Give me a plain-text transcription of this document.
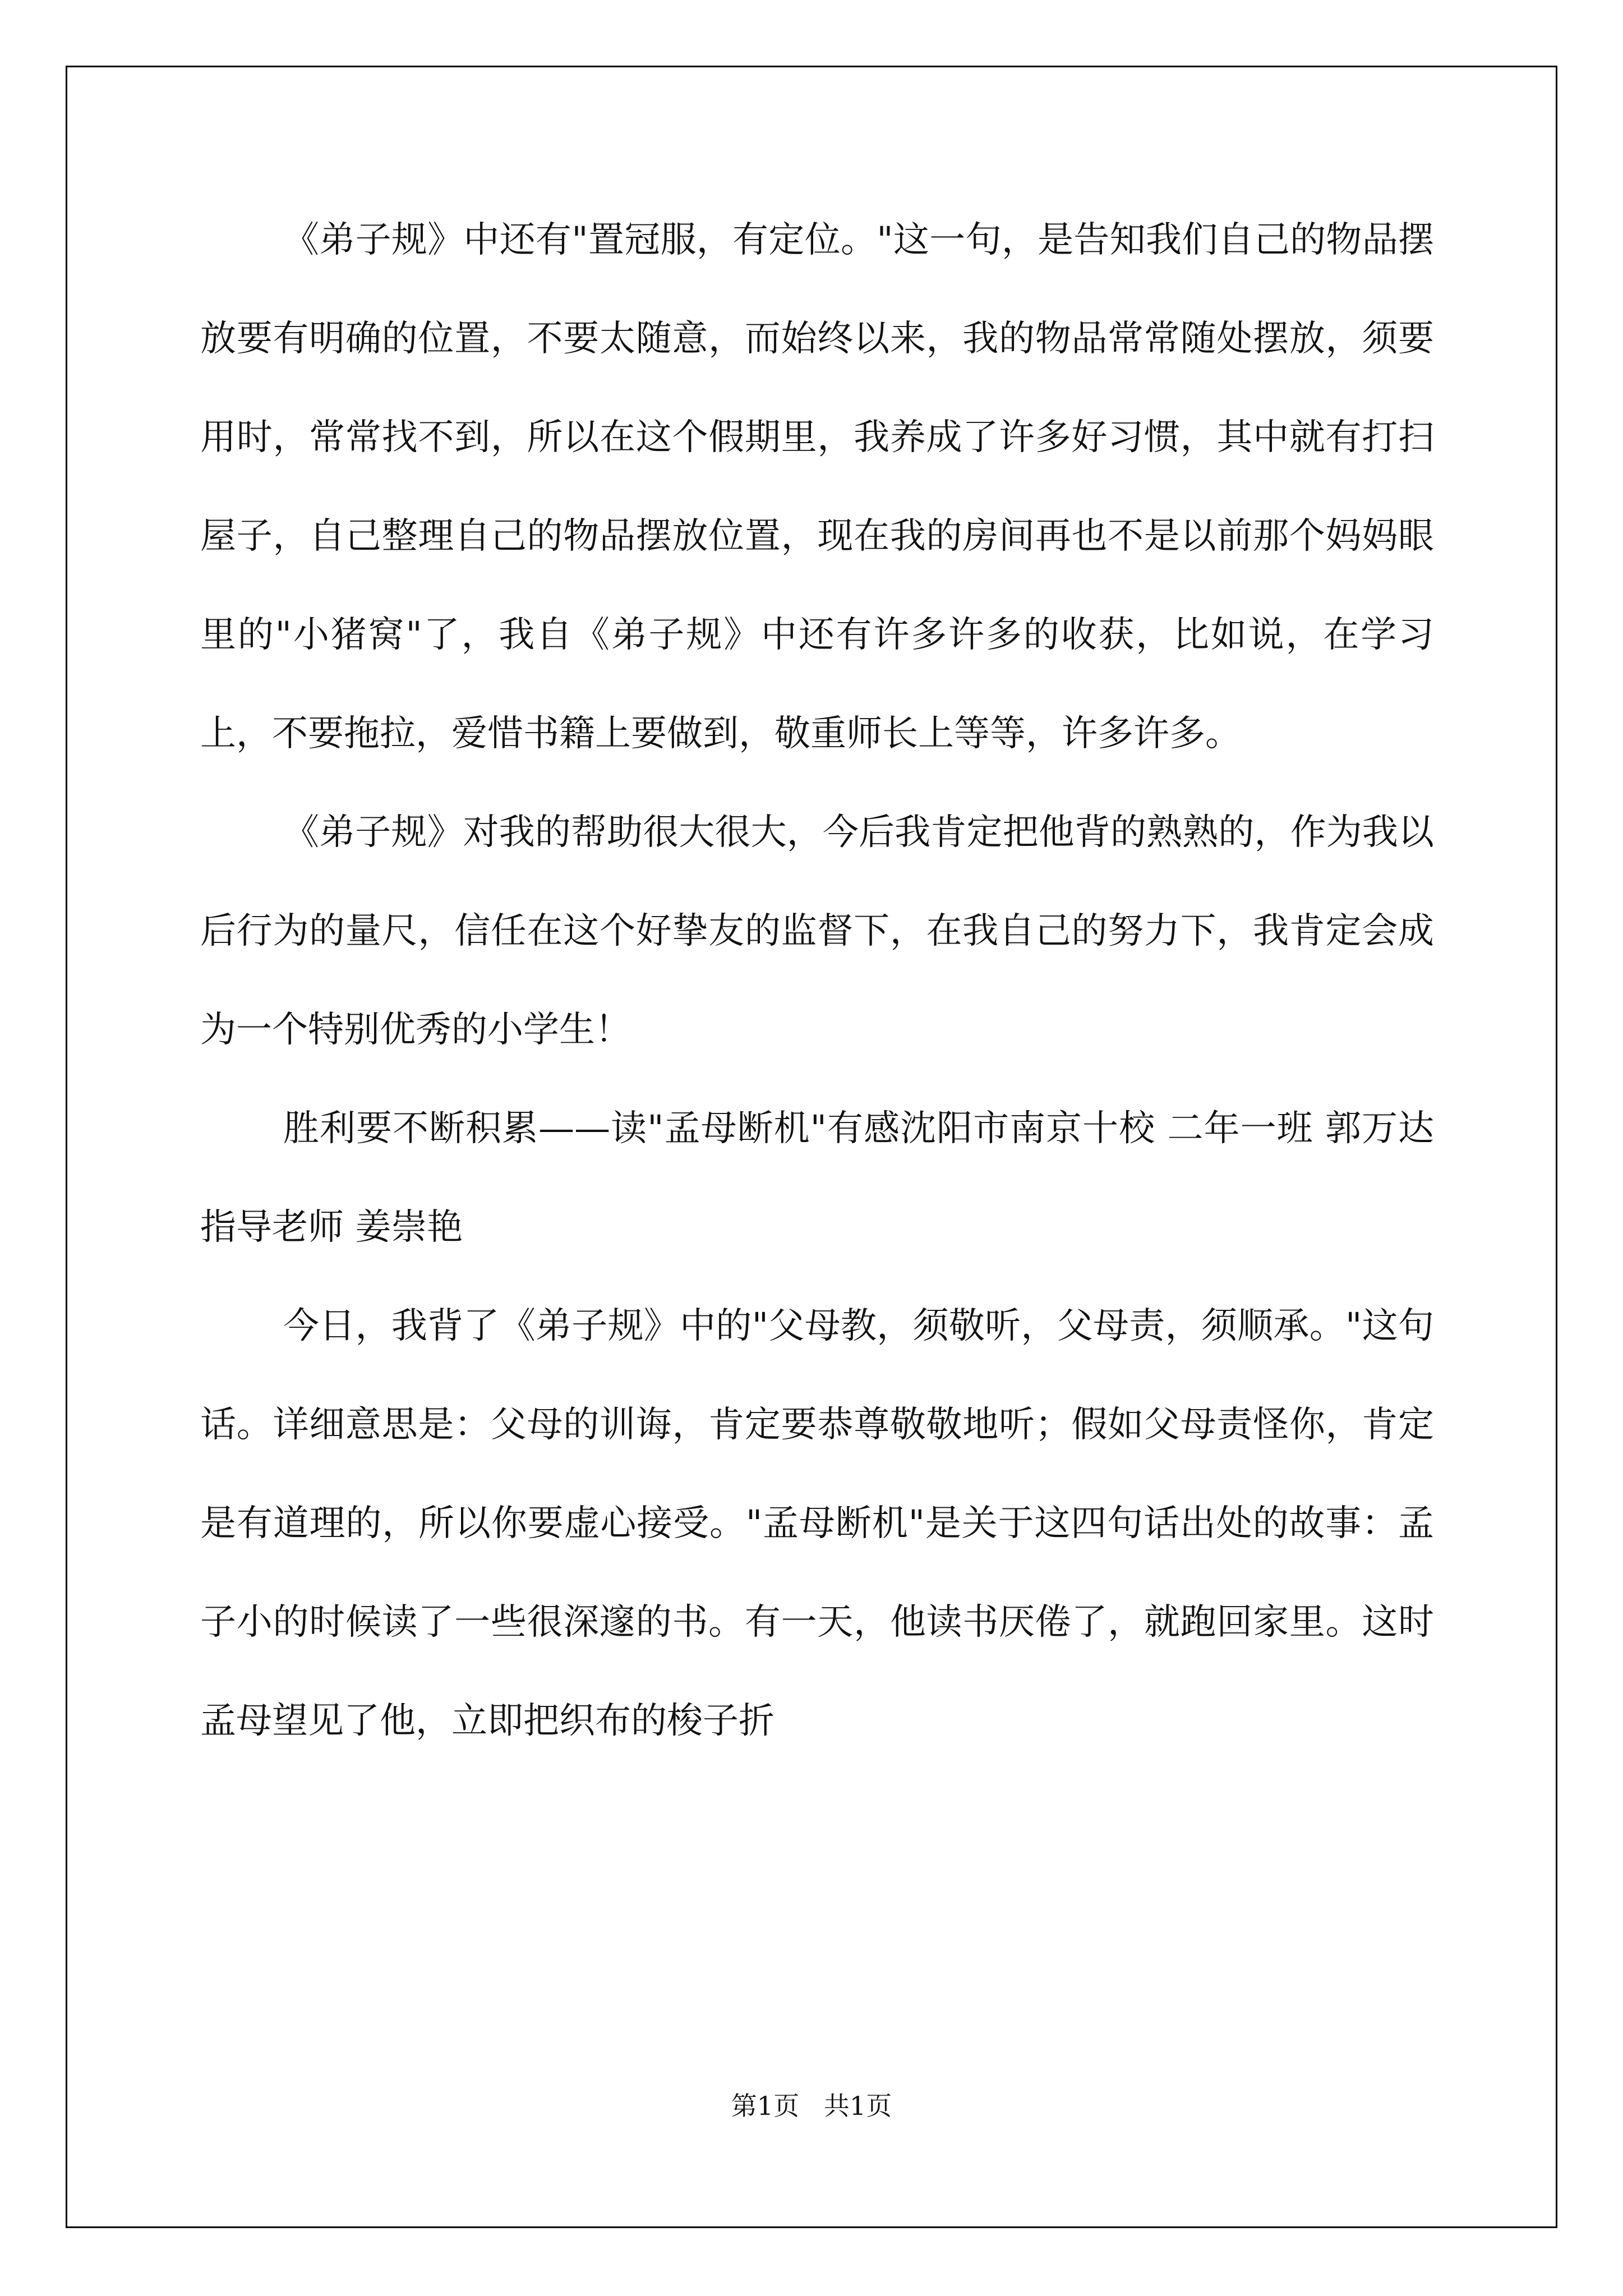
《弟子规》中还有"置冠服，有定位。"这一句，是告知我们自己的物品摆放要有明确的位置，不要太随意，而始终以来，我的物品常常随处摆放，须要用时，常常找不到，所以在这个假期里，我养成了许多好习惯，其中就有打扫屋子，自己整理自己的物品摆放位置，现在我的房间再也不是以前那个妈妈眼里的"小猪窝"了，我自《弟子规》中还有许多许多的收获，比如说，在学习上，不要拖拉，爱惜书籍上要做到，敬重师长上等等，许多许多。

《弟子规》对我的帮助很大很大，今后我肯定把他背的熟熟的，作为我以后行为的量尺，信任在这个好挚友的监督下，在我自己的努力下，我肯定会成为一个特别优秀的小学生！

胜利要不断积累——读"孟母断机"有感沈阳市南京十校 二年一班 郭万达 指导老师 姜崇艳

今日，我背了《弟子规》中的"父母教，须敬听，父母责，须顺承。"这句话。详细意思是：父母的训诲，肯定要恭尊敬敬地听；假如父母责怪你，肯定是有道理的，所以你要虚心接受。"孟母断机"是关于这四句话出处的故事：孟子小的时候读了一些很深邃的书。有一天，他读书厌倦了，就跑回家里。这时孟母望见了他，立即把织布的梭子折

第1页   共1页
